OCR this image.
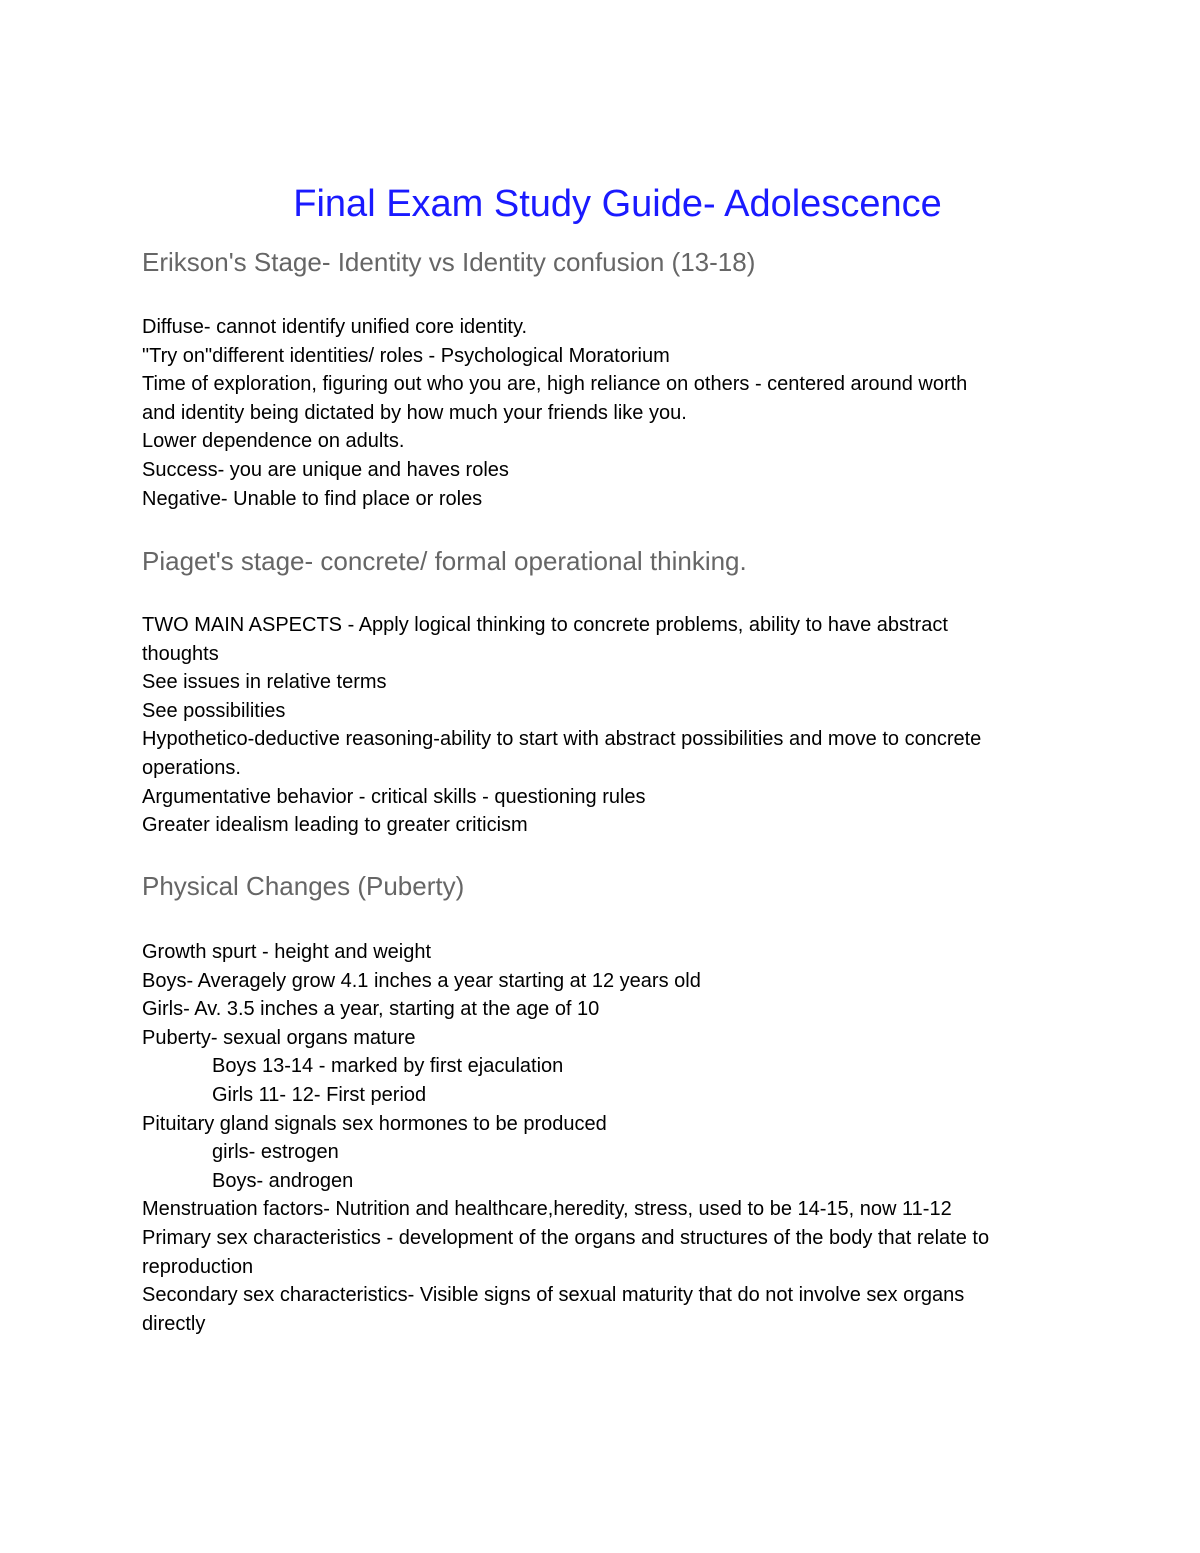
Final Exam Study Guide- Adolescence
Erikson's Stage- Identity vs Identity confusion (13-18)
Diffuse- cannot identify unified core identity.
"Try on"different identities/ roles - Psychological Moratorium
Time of exploration, figuring out who you are, high reliance on others - centered around worth
and identity being dictated by how much your friends like you.
Lower dependence on adults.
Success- you are unique and haves roles
Negative- Unable to find place or roles
Piaget's stage- concrete/ formal operational thinking.
TWO MAIN ASPECTS - Apply logical thinking to concrete problems, ability to have abstract
thoughts
See issues in relative terms
See possibilities
Hypothetico-deductive reasoning-ability to start with abstract possibilities and move to concrete
operations.
Argumentative behavior - critical skills - questioning rules
Greater idealism leading to greater criticism
Physical Changes (Puberty)
Growth spurt - height and weight
Boys- Averagely grow 4.1 inches a year starting at 12 years old
Girls- Av. 3.5 inches a year, starting at the age of 10
Puberty- sexual organs mature
Boys 13-14 - marked by first ejaculation
Girls 11- 12- First period
Pituitary gland signals sex hormones to be produced
girls- estrogen
Boys- androgen
Menstruation factors- Nutrition and healthcare,heredity, stress, used to be 14-15, now 11-12
Primary sex characteristics - development of the organs and structures of the body that relate to
reproduction
Secondary sex characteristics- Visible signs of sexual maturity that do not involve sex organs
directly
